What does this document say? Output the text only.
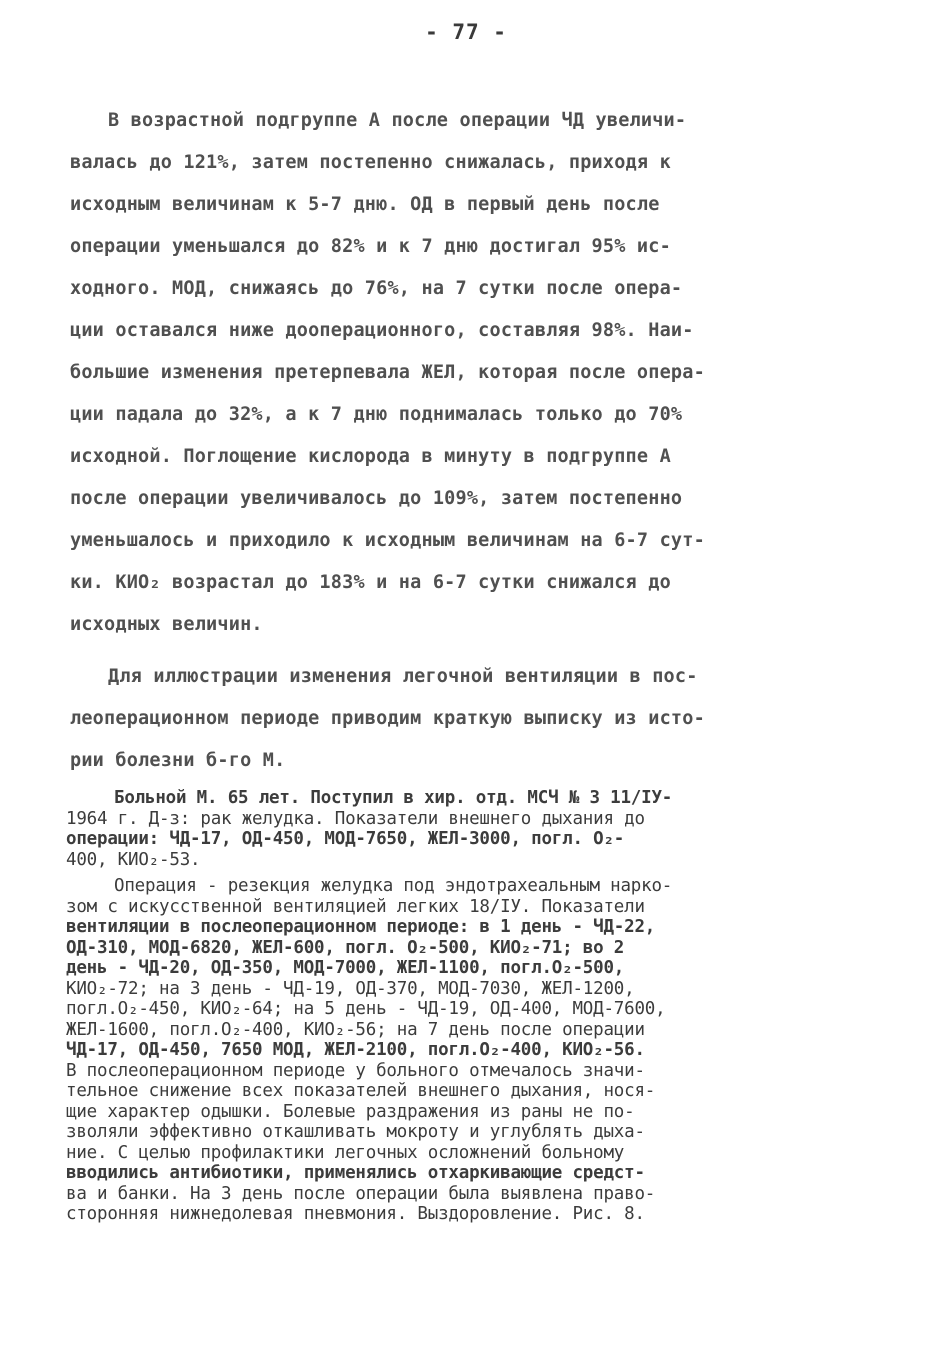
- 77 -
В возрастной подгруппе А после операции ЧД увеличи-
валась до 121%, затем постепенно снижалась, приходя к
исходным величинам к 5-7 дню. ОД в первый день после
операции уменьшался до 82% и к 7 дню достигал 95% ис-
ходного. МОД, снижаясь до 76%, на 7 сутки после опера-
ции оставался ниже дооперационного, составляя 98%. Наи-
большие изменения претерпевала ЖЕЛ, которая после опера-
ции падала до 32%, а к 7 дню поднималась только до 70%
исходной. Поглощение кислорода в минуту в подгруппе А
после операции увеличивалось до 109%, затем постепенно
уменьшалось и приходило к исходным величинам на 6-7 сут-
ки. КИО₂ возрастал до 183% и на 6-7 сутки снижался до
исходных величин.
Для иллюстрации изменения легочной вентиляции в пос-
леоперационном периоде приводим краткую выписку из исто-
рии болезни б-го М.
Больной М. 65 лет. Поступил в хир. отд. МСЧ № 3 11/IУ-
1964 г. Д-з: рак желудка. Показатели внешнего дыхания до
операции: ЧД-17, ОД-450, МОД-7650, ЖЕЛ-3000, погл. О₂-
400, КИО₂-53.
Операция - резекция желудка под эндотрахеальным нарко-
зом с искусственной вентиляцией легких 18/IУ. Показатели
вентиляции в послеоперационном периоде: в 1 день - ЧД-22,
ОД-310, МОД-6820, ЖЕЛ-600, погл. О₂-500, КИО₂-71; во 2
день - ЧД-20, ОД-350, МОД-7000, ЖЕЛ-1100, погл.О₂-500,
КИО₂-72; на 3 день - ЧД-19, ОД-370, МОД-7030, ЖЕЛ-1200,
погл.О₂-450, КИО₂-64; на 5 день - ЧД-19, ОД-400, МОД-7600,
ЖЕЛ-1600, погл.О₂-400, КИО₂-56; на 7 день после операции
ЧД-17, ОД-450, 7650 МОД, ЖЕЛ-2100, погл.О₂-400, КИО₂-56.
В послеоперационном периоде у больного отмечалось значи-
тельное снижение всех показателей внешнего дыхания, нося-
щие характер одышки. Болевые раздражения из раны не по-
зволяли эффективно откашливать мокроту и углублять дыха-
ние. С целью профилактики легочных осложнений больному
вводились антибиотики, применялись отхаркивающие средст-
ва и банки. На 3 день после операции была выявлена право-
сторонняя нижнедолевая пневмония. Выздоровление. Рис. 8.
